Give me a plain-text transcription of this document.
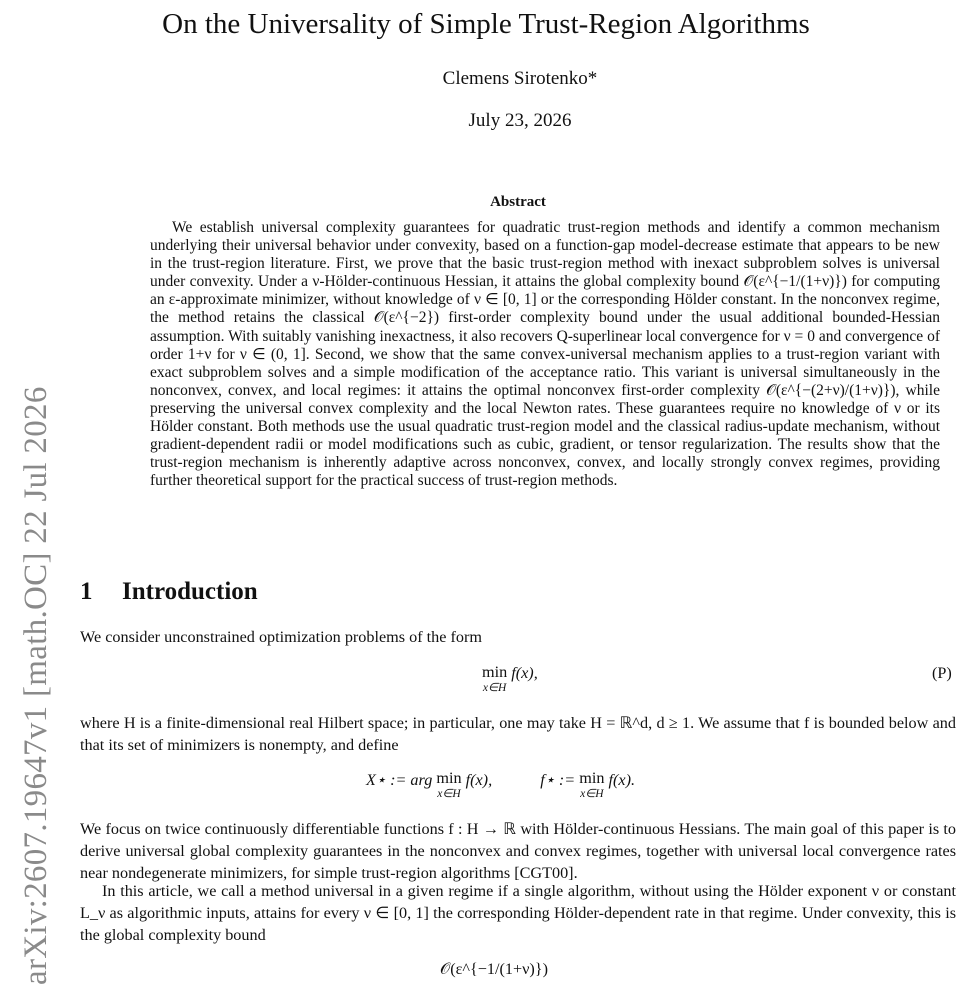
arXiv:2607.19647v1 [math.OC] 22 Jul 2026
On the Universality of Simple Trust-Region Algorithms
Clemens Sirotenko*
July 23, 2026
Abstract

We establish universal complexity guarantees for quadratic trust-region methods and identify a common mechanism underlying their universal behavior under convexity, based on a function-gap model-decrease estimate that appears to be new in the trust-region literature. First, we prove that the basic trust-region method with inexact subproblem solves is universal under convexity. Under a ν-Hölder-continuous Hessian, it attains the global complexity bound 𝒪(ε^{−1/(1+ν)}) for computing an ε-approximate minimizer, without knowledge of ν ∈ [0, 1] or the corresponding Hölder constant. In the nonconvex regime, the method retains the classical 𝒪(ε^{−2}) first-order complexity bound under the usual additional bounded-Hessian assumption. With suitably vanishing inexactness, it also recovers Q-superlinear local convergence for ν = 0 and convergence of order 1+ν for ν ∈ (0, 1]. Second, we show that the same convex-universal mechanism applies to a trust-region variant with exact subproblem solves and a simple modification of the acceptance ratio. This variant is universal simultaneously in the nonconvex, convex, and local regimes: it attains the optimal nonconvex first-order complexity 𝒪(ε^{−(2+ν)/(1+ν)}), while preserving the universal convex complexity and the local Newton rates. These guarantees require no knowledge of ν or its Hölder constant. Both methods use the usual quadratic trust-region model and the classical radius-update mechanism, without gradient-dependent radii or model modifications such as cubic, gradient, or tensor regularization. The results show that the trust-region mechanism is inherently adaptive across nonconvex, convex, and locally strongly convex regimes, providing further theoretical support for the practical success of trust-region methods.

1 Introduction

We consider unconstrained optimization problems of the form

min
x∈H
f(x),	(P)

where H is a finite-dimensional real Hilbert space; in particular, one may take H = ℝ^d, d ≥ 1. We assume that f is bounded below and that its set of minimizers is nonempty, and define

X⋆ := arg min
x∈H
f(x),	f⋆ := min
x∈H
f(x).

We focus on twice continuously differentiable functions f : H → ℝ with Hölder-continuous Hessians. The main goal of this paper is to derive universal global complexity guarantees in the nonconvex and convex regimes, together with universal local convergence rates near nondegenerate minimizers, for simple trust-region algorithms [CGT00].

In this article, we call a method universal in a given regime if a single algorithm, without using the Hölder exponent ν or constant L_ν as algorithmic inputs, attains for every ν ∈ [0, 1] the corresponding Hölder-dependent rate in that regime. Under convexity, this is the global complexity bound

𝒪(ε^{−1/(1+ν)})
